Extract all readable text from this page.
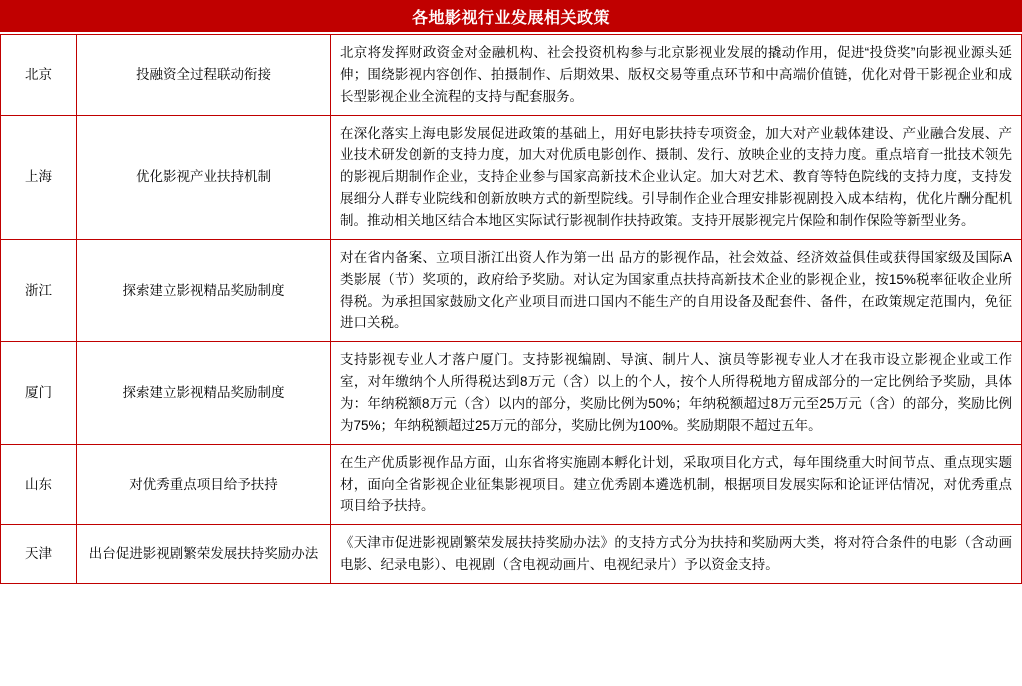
各地影视行业发展相关政策
北京	投融资全过程联动衔接	北京将发挥财政资金对金融机构、社会投资机构参与北京影视业发展的撬动作用，促进“投贷奖”向影视业源头延伸；围绕影视内容创作、拍摄制作、后期效果、版权交易等重点环节和中高端价值链，优化对骨干影视企业和成长型影视企业全流程的支持与配套服务。

上海	优化影视产业扶持机制	在深化落实上海电影发展促进政策的基础上，用好电影扶持专项资金，加大对产业载体建设、产业融合发展、产业技术研发创新的支持力度，加大对优质电影创作、摄制、发行、放映企业的支持力度。重点培育一批技术领先的影视后期制作企业，支持企业参与国家高新技术企业认定。加大对艺术、教育等特色院线的支持力度，支持发展细分人群专业院线和创新放映方式的新型院线。引导制作企业合理安排影视剧投入成本结构，优化片酬分配机制。推动相关地区结合本地区实际试行影视制作扶持政策。支持开展影视完片保险和制作保险等新型业务。

浙江	探索建立影视精品奖励制度	对在省内备案、立项目浙江出资人作为第一出 品方的影视作品，社会效益、经济效益俱佳或获得国家级及国际A类影展（节）奖项的，政府给予奖励。对认定为国家重点扶持高新技术企业的影视企业，按15%税率征收企业所得税。为承担国家鼓励文化产业项目而进口国内不能生产的自用设备及配套件、备件，在政策规定范围内，免征进口关税。

厦门	探索建立影视精品奖励制度	支持影视专业人才落户厦门。支持影视编剧、导演、制片人、演员等影视专业人才在我市设立影视企业或工作室，对年缴纳个人所得税达到8万元（含）以上的个人，按个人所得税地方留成部分的一定比例给予奖励，具体为：年纳税额8万元（含）以内的部分，奖励比例为50%；年纳税额超过8万元至25万元（含）的部分，奖励比例为75%；年纳税额超过25万元的部分，奖励比例为100%。奖励期限不超过五年。

山东	对优秀重点项目给予扶持	在生产优质影视作品方面，山东省将实施剧本孵化计划，采取项目化方式，每年围绕重大时间节点、重点现实题材，面向全省影视企业征集影视项目。建立优秀剧本遴选机制，根据项目发展实际和论证评估情况，对优秀重点项目给予扶持。

天津	出台促进影视剧繁荣发展扶持奖励办法	《天津市促进影视剧繁荣发展扶持奖励办法》的支持方式分为扶持和奖励两大类，将对符合条件的电影（含动画电影、纪录电影）、电视剧（含电视动画片、电视纪录片）予以资金支持。
